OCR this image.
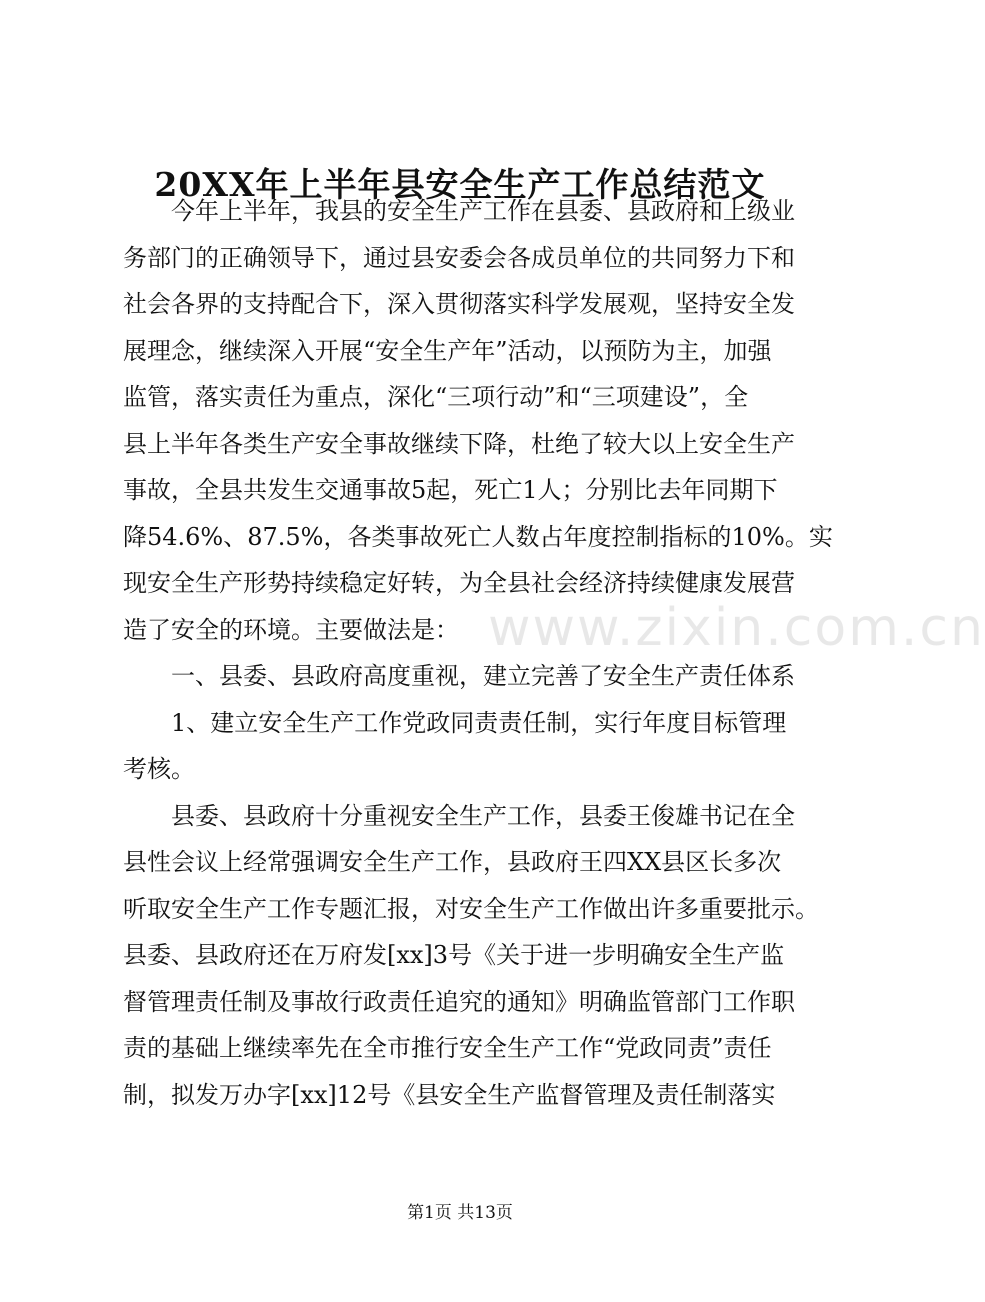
20XX年上半年县安全生产工作总结范文
　　今年上半年，我县的安全生产工作在县委、县政府和上级业
务部门的正确领导下，通过县安委会各成员单位的共同努力下和
社会各界的支持配合下，深入贯彻落实科学发展观，坚持安全发
展理念，继续深入开展“安全生产年”活动，以预防为主，加强
监管，落实责任为重点，深化“三项行动”和“三项建设”，全
县上半年各类生产安全事故继续下降，杜绝了较大以上安全生产
事故，全县共发生交通事故5起，死亡1人；分别比去年同期下
降54.6%、87.5%，各类事故死亡人数占年度控制指标的10%。实
现安全生产形势持续稳定好转，为全县社会经济持续健康发展营
造了安全的环境。主要做法是：
　　一、县委、县政府高度重视，建立完善了安全生产责任体系
　　1、建立安全生产工作党政同责责任制，实行年度目标管理
考核。
　　县委、县政府十分重视安全生产工作，县委王俊雄书记在全
县性会议上经常强调安全生产工作，县政府王四XX县区长多次
听取安全生产工作专题汇报，对安全生产工作做出许多重要批示。
县委、县政府还在万府发[xx]3号《关于进一步明确安全生产监
督管理责任制及事故行政责任追究的通知》明确监管部门工作职
责的基础上继续率先在全市推行安全生产工作“党政同责”责任
制，拟发万办字[xx]12号《县安全生产监督管理及责任制落实
www.zixin.com.cn
第1页 共13页
